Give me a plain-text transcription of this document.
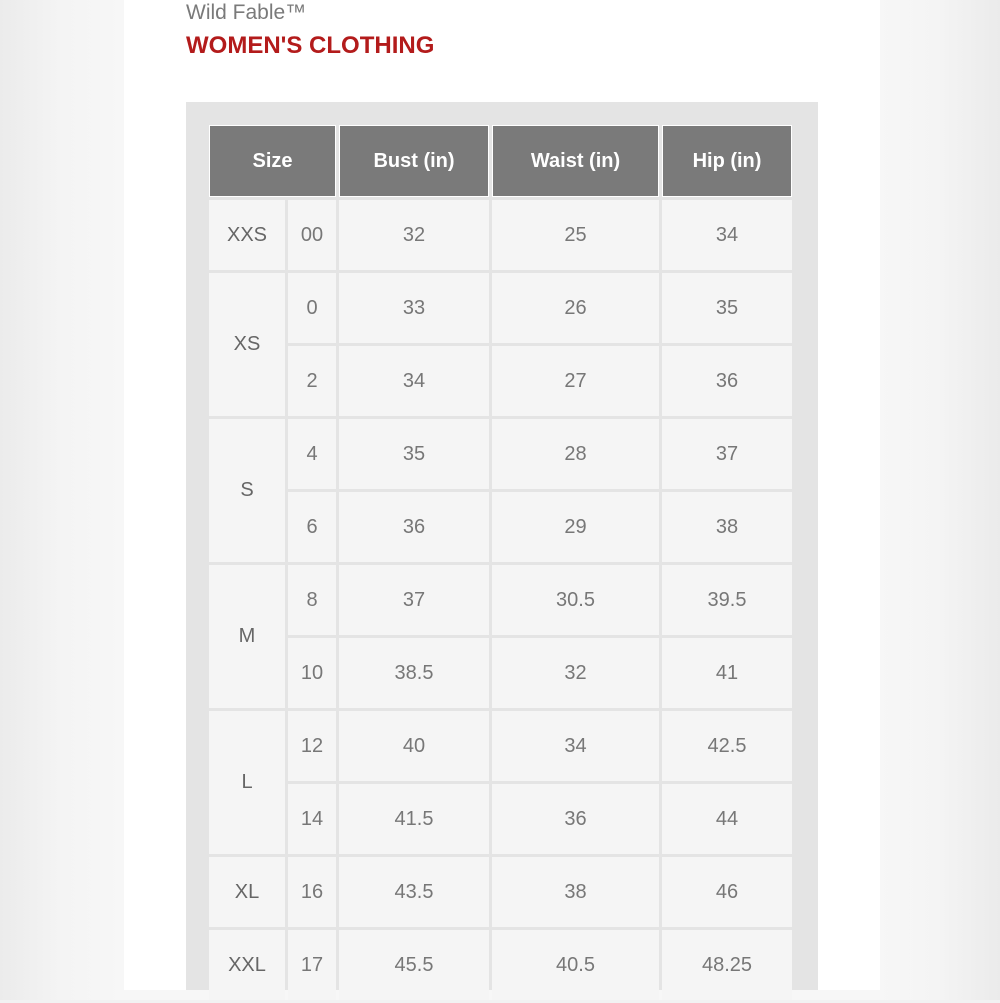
Wild Fable™

WOMEN'S CLOTHING
Size		Bust (in)	Waist (in)	Hip (in)
XXS	00	32	25	34
XS	0	33	26	35
	2	34	27	36
S	4	35	28	37
	6	36	29	38
M	8	37	30.5	39.5
	10	38.5	32	41
L	12	40	34	42.5
	14	41.5	36	44
XL	16	43.5	38	46
XXL	17	45.5	40.5	48.25
